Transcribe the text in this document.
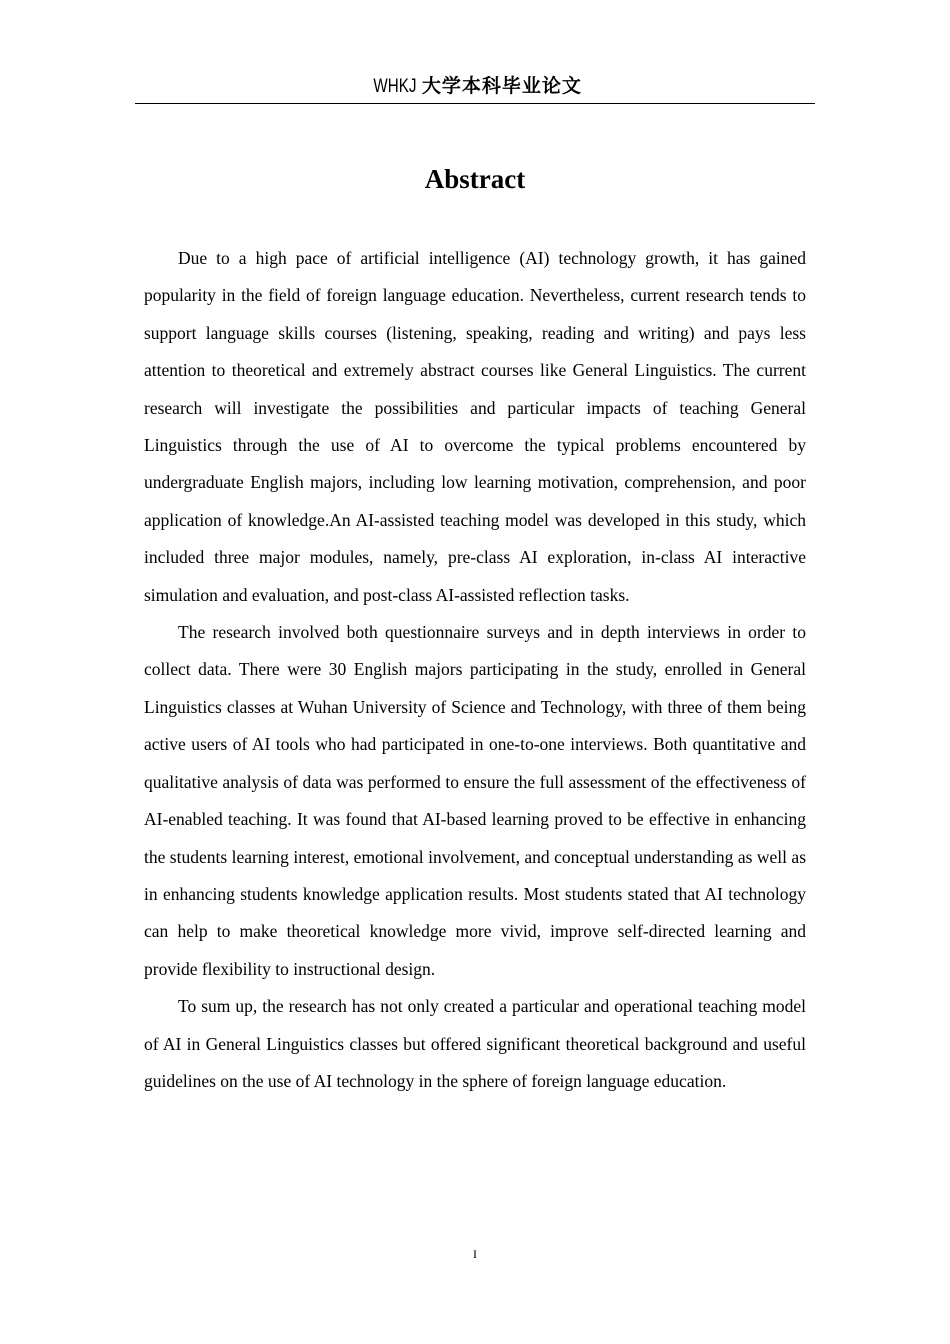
WHKJ 大学本科毕业论文
Abstract

Due to a high pace of artificial intelligence (AI) technology growth, it has gained popularity in the field of foreign language education. Nevertheless, current research tends to support language skills courses (listening, speaking, reading and writing) and pays less attention to theoretical and extremely abstract courses like General Linguistics. The current research will investigate the possibilities and particular impacts of teaching General Linguistics through the use of AI to overcome the typical problems encountered by undergraduate English majors, including low learning motivation, comprehension, and poor application of knowledge.An AI-assisted teaching model was developed in this study, which included three major modules, namely, pre-class AI exploration, in-class AI interactive simulation and evaluation, and post-class AI-assisted reflection tasks.

The research involved both questionnaire surveys and in depth interviews in order to collect data. There were 30 English majors participating in the study, enrolled in General Linguistics classes at Wuhan University of Science and Technology, with three of them being active users of AI tools who had participated in one-to-one interviews. Both quantitative and qualitative analysis of data was performed to ensure the full assessment of the effectiveness of AI-enabled teaching. It was found that AI-based learning proved to be effective in enhancing the students learning interest, emotional involvement, and conceptual understanding as well as in enhancing students knowledge application results. Most students stated that AI technology can help to make theoretical knowledge more vivid, improve self-directed learning and provide flexibility to instructional design.

To sum up, the research has not only created a particular and operational teaching model of AI in General Linguistics classes but offered significant theoretical background and useful guidelines on the use of AI technology in the sphere of foreign language education.

I
